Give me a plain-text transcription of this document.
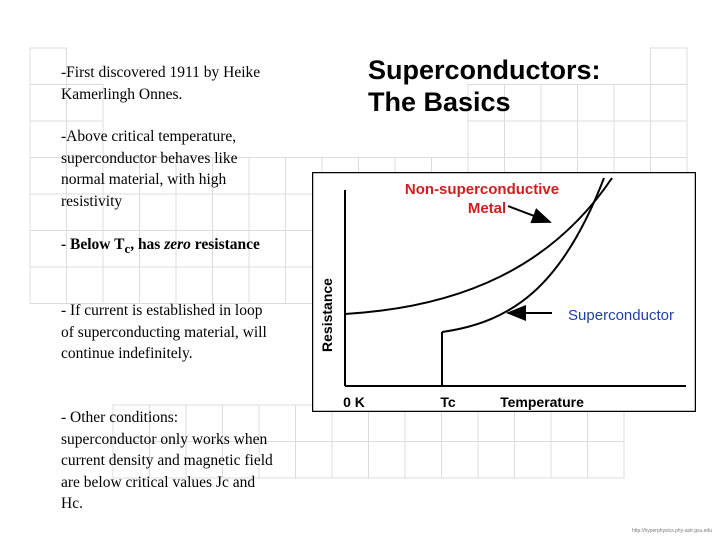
Superconductors:
The Basics

-First discovered 1911 by Heike Kamerlingh Onnes.

-Above critical temperature, superconductor behaves like normal material, with high resistivity

- Below $T_c$, has zero resistance

- If current is established in loop of superconducting material, will continue indefinitely.

- Other conditions: superconductor only works when current density and magnetic field are below critical values Jc and Hc.

Resistance
0 K	Tc	Temperature
Non-superconductive
Metal
Superconductor
http://hyperphysics.phy-astr.gsu.edu
